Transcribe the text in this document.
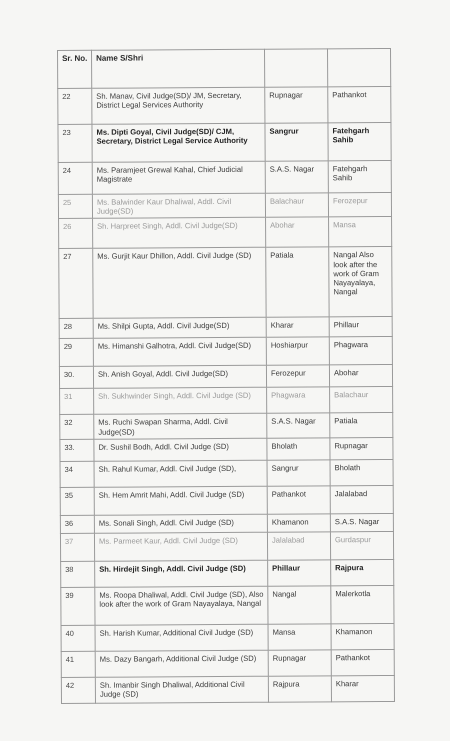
Sr. No.	Name S/Shri		
22	Sh. Manav, Civil Judge(SD)/ JM, Secretary, District Legal Services Authority	Rupnagar	Pathankot
23	Ms. Dipti Goyal, Civil Judge(SD)/ CJM, Secretary, District Legal Service Authority	Sangrur	Fatehgarh Sahib
24	Ms. Paramjeet Grewal Kahal, Chief Judicial Magistrate	S.A.S. Nagar	Fatehgarh Sahib
25	Ms. Balwinder Kaur Dhaliwal, Addl. Civil Judge(SD)	Balachaur	Ferozepur
26	Sh. Harpreet Singh, Addl. Civil Judge(SD)	Abohar	Mansa
27	Ms. Gurjit Kaur Dhillon, Addl. Civil Judge (SD)	Patiala	Nangal Also look after the work of Gram Nayayalaya, Nangal
28	Ms. Shilpi Gupta, Addl. Civil Judge(SD)	Kharar	Phillaur
29	Ms. Himanshi Galhotra, Addl. Civil Judge(SD)	Hoshiarpur	Phagwara
30.	Sh. Anish Goyal, Addl. Civil Judge(SD)	Ferozepur	Abohar
31	Sh. Sukhwinder Singh, Addl. Civil Judge (SD)	Phagwara	Balachaur
32	Ms. Ruchi Swapan Sharma, Addl. Civil Judge(SD)	S.A.S. Nagar	Patiala
33.	Dr. Sushil Bodh, Addl. Civil Judge (SD)	Bholath	Rupnagar
34	Sh. Rahul Kumar, Addl. Civil Judge (SD),	Sangrur	Bholath
35	Sh. Hem Amrit Mahi, Addl. Civil Judge (SD)	Pathankot	Jalalabad
36	Ms. Sonali Singh, Addl. Civil Judge (SD)	Khamanon	S.A.S. Nagar
37	Ms. Parmeet Kaur, Addl. Civil Judge (SD)	Jalalabad	Gurdaspur
38	Sh. Hirdejit Singh, Addl. Civil Judge (SD)	Phillaur	Rajpura
39	Ms. Roopa Dhaliwal, Addl. Civil Judge (SD), Also look after the work of Gram Nayayalaya, Nangal	Nangal	Malerkotla
40	Sh. Harish Kumar, Additional Civil Judge (SD)	Mansa	Khamanon
41	Ms. Dazy Bangarh, Additional Civil Judge (SD)	Rupnagar	Pathankot
42	Sh. Imanbir Singh Dhaliwal, Additional Civil Judge (SD)	Rajpura	Kharar
